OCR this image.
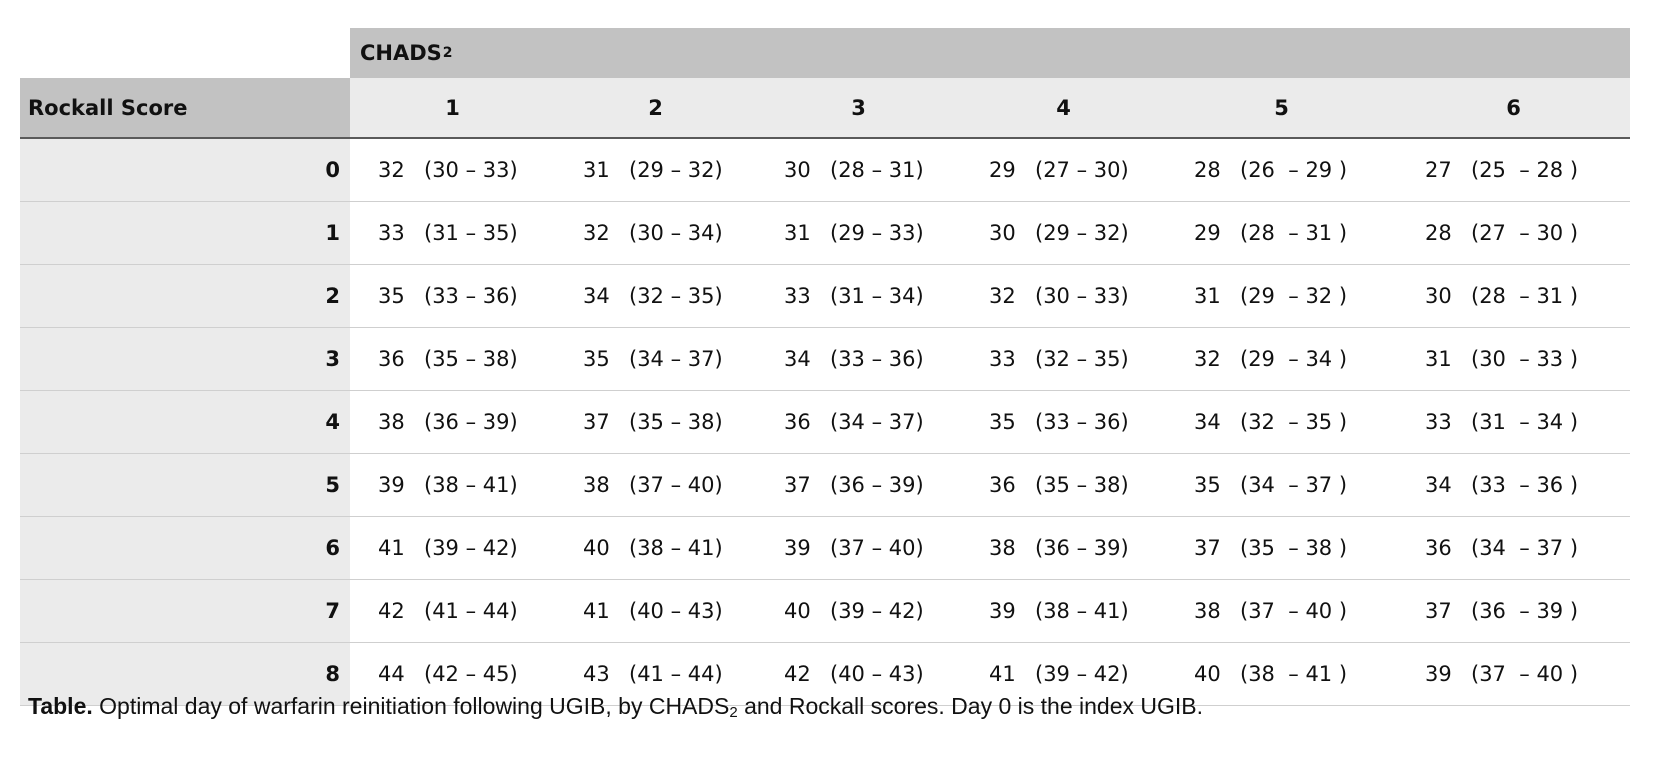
CHADS 2
Rockall Score	1	2	3	4	5	6
0	32 (30 – 33)	31 (29 – 32)	30 (28 – 31)	29 (27 – 30)	28 (26  – 29 )	27 (25  – 28 )
1	33 (31 – 35)	32 (30 – 34)	31 (29 – 33)	30 (29 – 32)	29 (28  – 31 )	28 (27  – 30 )
2	35 (33 – 36)	34 (32 – 35)	33 (31 – 34)	32 (30 – 33)	31 (29  – 32 )	30 (28  – 31 )
3	36 (35 – 38)	35 (34 – 37)	34 (33 – 36)	33 (32 – 35)	32 (29  – 34 )	31 (30  – 33 )
4	38 (36 – 39)	37 (35 – 38)	36 (34 – 37)	35 (33 – 36)	34 (32  – 35 )	33 (31  – 34 )
5	39 (38 – 41)	38 (37 – 40)	37 (36 – 39)	36 (35 – 38)	35 (34  – 37 )	34 (33  – 36 )
6	41 (39 – 42)	40 (38 – 41)	39 (37 – 40)	38 (36 – 39)	37 (35  – 38 )	36 (34  – 37 )
7	42 (41 – 44)	41 (40 – 43)	40 (39 – 42)	39 (38 – 41)	38 (37  – 40 )	37 (36  – 39 )
8	44 (42 – 45)	43 (41 – 44)	42 (40 – 43)	41 (39 – 42)	40 (38  – 41 )	39 (37  – 40 )
Table. Optimal day of warfarin reinitiation following UGIB, by $CHADS_2$ and Rockall scores. Day 0 is the index UGIB.
